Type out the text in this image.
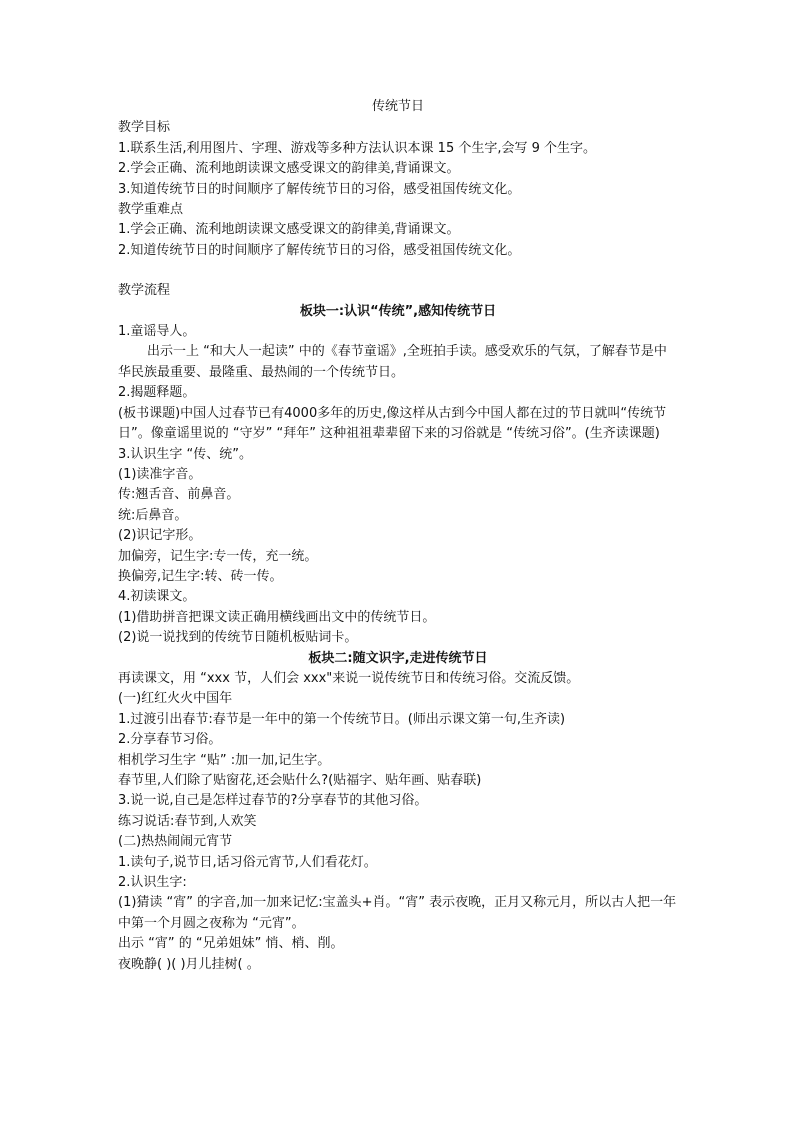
传统节日
教学目标
1.联系生活,利用图片、字理、游戏等多种方法认识本课 15 个生字,会写 9 个生字。
2.学会正确、流利地朗读课文感受课文的韵律美,背诵课文。
3.知道传统节日的时间顺序了解传统节日的习俗，感受祖国传统文化。
教学重难点
1.学会正确、流利地朗读课文感受课文的韵律美,背诵课文。
2.知道传统节日的时间顺序了解传统节日的习俗，感受祖国传统文化。
教学流程
板块一:认识“传统”,感知传统节日
1.童谣导人。
出示一上 “和大人一起读” 中的《春节童谣》,全班拍手读。感受欢乐的气氛，了解春节是中华民族最重要、最隆重、最热闹的一个传统节日。
2.揭题释题。
(板书课题)中国人过春节已有4000多年的历史,像这样从古到今中国人都在过的节日就叫“传统节日”。像童谣里说的 “守岁” “拜年” 这种祖祖辈辈留下来的习俗就是 “传统习俗”。(生齐读课题)
3.认识生字 “传、统”。
(1)读准字音。
传:翘舌音、前鼻音。
统:后鼻音。
(2)识记字形。
加偏旁，记生字:专一传，充一统。
换偏旁,记生字:转、砖一传。
4.初读课文。
(1)借助拼音把课文读正确用横线画出文中的传统节日。
(2)说一说找到的传统节日随机板贴词卡。
板块二:随文识字,走进传统节日
再读课文，用 “xxx 节，人们会 xxx"来说一说传统节日和传统习俗。交流反馈。
(一)红红火火中国年
1.过渡引出春节:春节是一年中的第一个传统节日。(师出示课文第一句,生齐读)
2.分享春节习俗。
相机学习生字 “贴” :加一加,记生字。
春节里,人们除了贴窗花,还会贴什么?(贴福字、贴年画、贴春联)
3.说一说,自己是怎样过春节的?分享春节的其他习俗。
练习说话:春节到,人欢笑
(二)热热闹闹元宵节
1.读句子,说节日,话习俗元宵节,人们看花灯。
2.认识生字:
(1)猜读 “宵” 的字音,加一加来记忆:宝盖头+肖。“宵” 表示夜晚，正月又称元月，所以古人把一年中第一个月圆之夜称为 “元宵”。
出示 “宵” 的 “兄弟姐妹” 悄、梢、削。
夜晚静( )( )月儿挂树( 。
